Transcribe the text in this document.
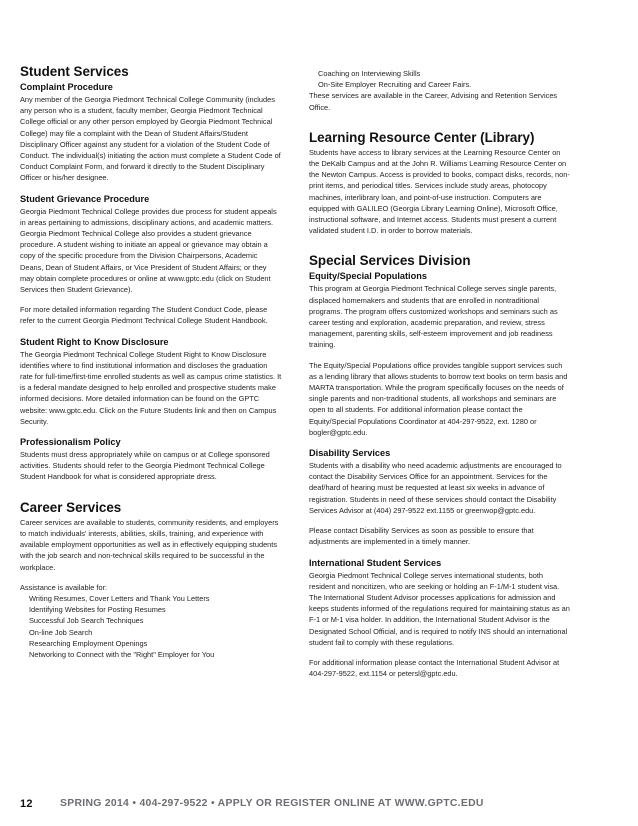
Student Services
Complaint Procedure

Any member of the Georgia Piedmont Technical College Community (includes any person who is a student, faculty member, Georgia Piedmont Technical College official or any other person employed by Georgia Piedmont Technical College) may file a complaint with the Dean of Student Affairs/Student Disciplinary Officer against any student for a violation of the Student Code of Conduct. The individual(s) initiating the action must complete a Student Code of Conduct Complaint Form, and forward it directly to the Student Disciplinary Officer or his/her designee.

Student Grievance Procedure

Georgia Piedmont Technical College provides due process for student appeals in areas pertaining to admissions, disciplinary actions, and academic matters. Georgia Piedmont Technical College also provides a student grievance procedure. A student wishing to initiate an appeal or grievance may obtain a copy of the specific procedure from the Division Chairpersons, Academic Deans, Dean of Student Affairs, or Vice President of Student Affairs; or they may obtain complete procedures or online at www.gptc.edu (click on Student Services then Student Grievance).

For more detailed information regarding The Student Conduct Code, please refer to the current Georgia Piedmont Technical College Student Handbook.

Student Right to Know Disclosure

The Georgia Piedmont Technical College Student Right to Know Disclosure identifies where to find institutional information and discloses the graduation rate for full-time/first-time enrolled students as well as campus crime statistics. It is a federal mandate designed to help enrolled and prospective students make informed decisions. More detailed information can be found on the GPTC website: www.gptc.edu. Click on the Future Students link and then on Campus Security.

Professionalism Policy

Students must dress appropriately while on campus or at College sponsored activities. Students should refer to the Georgia Piedmont Technical College Student Handbook for what is considered appropriate dress.

Career Services

Career services are available to students, community residents, and employers to match individuals' interests, abilities, skills, training, and experience with available employment opportunities as well as in effectively equipping students with the job search and non-technical skills required to be successful in the workplace.

Assistance is available for:
Writing Resumes, Cover Letters and Thank You Letters
Identifying Websites for Posting Resumes
Successful Job Search Techniques
On-line Job Search
Researching Employment Openings
Networking to Connect with the "Right" Employer for You
Coaching on Interviewing Skills
On-Site Employer Recruiting and Career Fairs.

These services are available in the Career, Advising and Retention Services Office.

Learning Resource Center (Library)

Students have access to library services at the Learning Resource Center on the DeKalb Campus and at the John R. Williams Learning Resource Center on the Newton Campus. Access is provided to books, compact disks, records, non-print items, and periodical titles. Services include study areas, photocopy machines, interlibrary loan, and point-of-use instruction. Computers are equipped with GALILEO (Georgia Library Learning Online), Microsoft Office, instructional software, and Internet access. Students must present a current validated student I.D. in order to borrow materials.

Special Services Division
Equity/Special Populations

This program at Georgia Piedmont Technical College serves single parents, displaced homemakers and students that are enrolled in nontraditional programs. The program offers customized workshops and seminars such as career testing and exploration, academic preparation, and review, stress management, parenting skills, self-esteem improvement and job readiness training.

The Equity/Special Populations office provides tangible support services such as a lending library that allows students to borrow text books on term basis and MARTA transportation. While the program specifically focuses on the needs of single parents and non-traditional students, all workshops and seminars are open to all students. For additional information please contact the Equity/Special Populations Coordinator at 404-297-9522, ext. 1280 or bogler@gptc.edu.

Disability Services

Students with a disability who need academic adjustments are encouraged to contact the Disability Services Office for an appointment. Services for the deaf/hard of hearing must be requested at least six weeks in advance of registration. Students in need of these services should contact the Disability Services Advisor at (404) 297-9522 ext.1155 or greenwop@gptc.edu.

Please contact Disability Services as soon as possible to ensure that adjustments are implemented in a timely manner.

International Student Services

Georgia Piedmont Technical College serves international students, both resident and noncitizen, who are seeking or holding an F-1/M-1 student visa. The International Student Advisor processes applications for admission and keeps students informed of the regulations required for maintaining status as an F-1 or M-1 visa holder. In addition, the International Student Advisor is the Designated School Official, and is required to notify INS should an international student fail to comply with these regulations.

For additional information please contact the International Student Advisor at 404-297-9522, ext.1154 or petersl@gptc.edu.

12	SPRING 2014 • 404-297-9522 • APPLY OR REGISTER ONLINE AT WWW.GPTC.EDU
